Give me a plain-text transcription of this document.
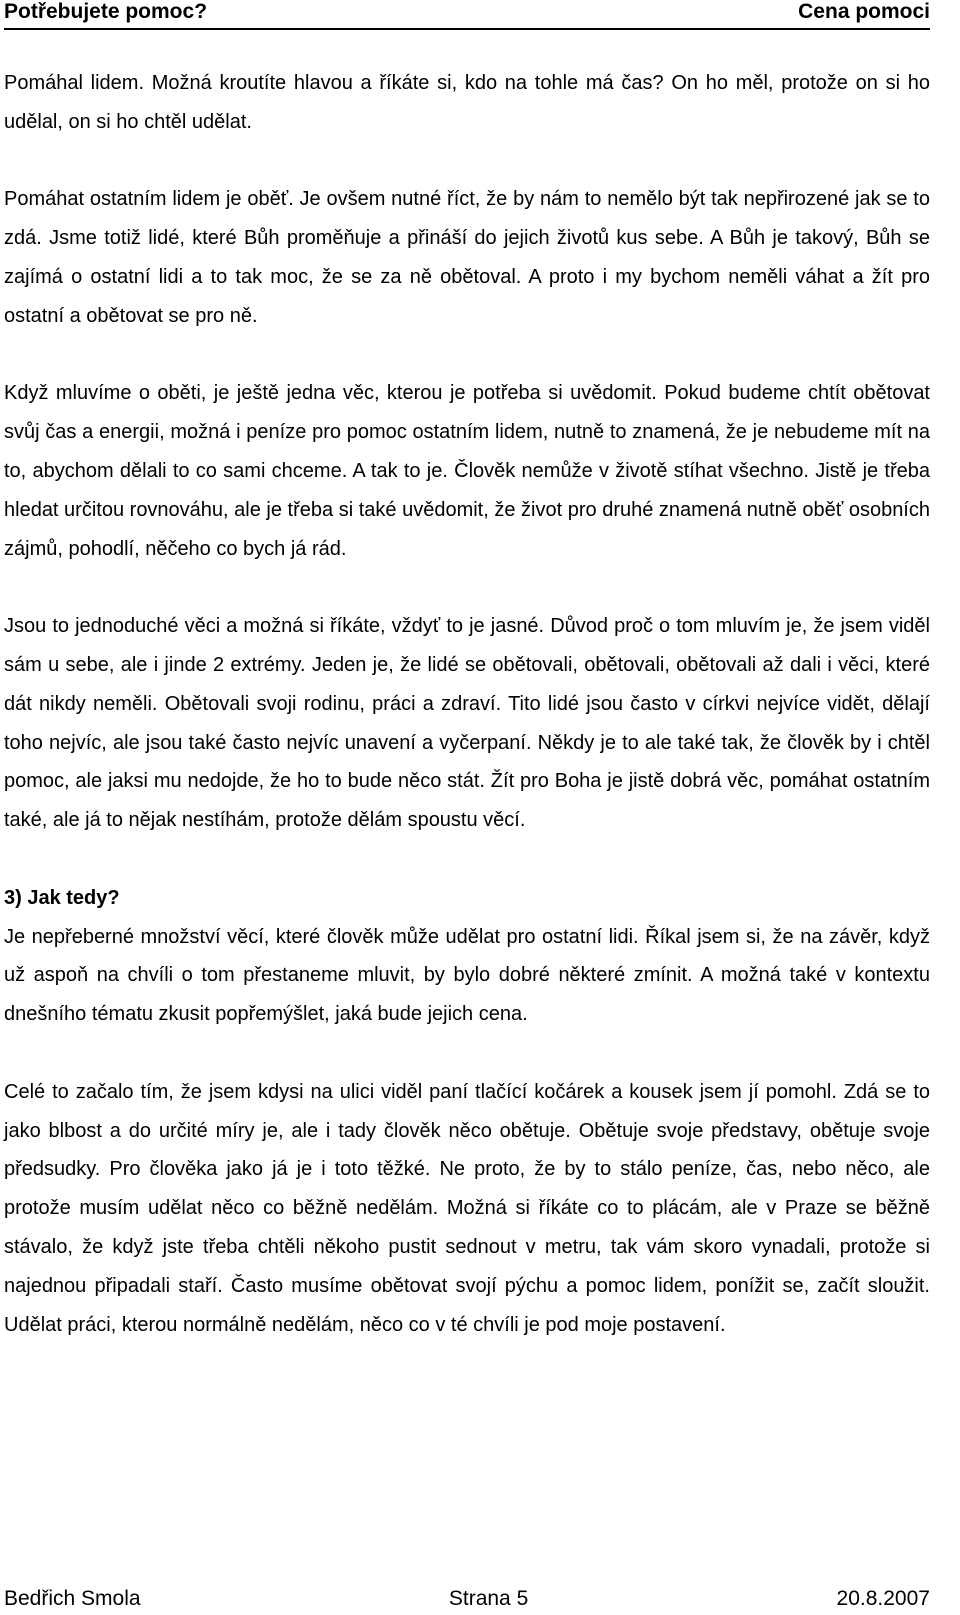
Potřebujete pomoc?	Cena pomoci

Pomáhal lidem. Možná kroutíte hlavou a říkáte si, kdo na tohle má čas? On ho měl, protože on si ho udělal, on si ho chtěl udělat.

Pomáhat ostatním lidem je oběť. Je ovšem nutné říct, že by nám to nemělo být tak nepřirozené jak se to zdá. Jsme totiž lidé, které Bůh proměňuje a přináší do jejich životů kus sebe. A Bůh je takový, Bůh se zajímá o ostatní lidi a to tak moc, že se za ně obětoval. A proto i my bychom neměli váhat a žít pro ostatní a obětovat se pro ně.

Když mluvíme o oběti, je ještě jedna věc, kterou je potřeba si uvědomit. Pokud budeme chtít obětovat svůj čas a energii, možná i peníze pro pomoc ostatním lidem, nutně to znamená, že je nebudeme mít na to, abychom dělali to co sami chceme. A tak to je. Člověk nemůže v životě stíhat všechno. Jistě je třeba hledat určitou rovnováhu, ale je třeba si také uvědomit, že život pro druhé znamená nutně oběť osobních zájmů, pohodlí, něčeho co bych já rád.

Jsou to jednoduché věci a možná si říkáte, vždyť to je jasné. Důvod proč o tom mluvím je, že jsem viděl sám u sebe, ale i jinde 2 extrémy. Jeden je, že lidé se obětovali, obětovali, obětovali až dali i věci, které dát nikdy neměli. Obětovali svoji rodinu, práci a zdraví. Tito lidé jsou často v církvi nejvíce vidět, dělají toho nejvíc, ale jsou také často nejvíc unavení a vyčerpaní. Někdy je to ale také tak, že člověk by i chtěl pomoc, ale jaksi mu nedojde, že ho to bude něco stát. Žít pro Boha je jistě dobrá věc, pomáhat ostatním také, ale já to nějak nestíhám, protože dělám spoustu věcí.

3) Jak tedy?

Je nepřeberné množství věcí, které člověk může udělat pro ostatní lidi. Říkal jsem si, že na závěr, když už aspoň na chvíli o tom přestaneme mluvit, by bylo dobré některé zmínit. A možná také v kontextu dnešního tématu zkusit popřemýšlet, jaká bude jejich cena.

Celé to začalo tím, že jsem kdysi na ulici viděl paní tlačící kočárek a kousek jsem jí pomohl. Zdá se to jako blbost a do určité míry je, ale i tady člověk něco obětuje. Obětuje svoje představy, obětuje svoje předsudky. Pro člověka jako já je i toto těžké. Ne proto, že by to stálo peníze, čas, nebo něco, ale protože musím udělat něco co běžně nedělám. Možná si říkáte co to plácám, ale v Praze se běžně stávalo, že když jste třeba chtěli někoho pustit sednout v metru, tak vám skoro vynadali, protože si najednou připadali staří. Často musíme obětovat svojí pýchu a pomoc lidem, ponížit se, začít sloužit. Udělat práci, kterou normálně nedělám, něco co v té chvíli je pod moje postavení.

Bedřich Smola	Strana 5	20.8.2007
